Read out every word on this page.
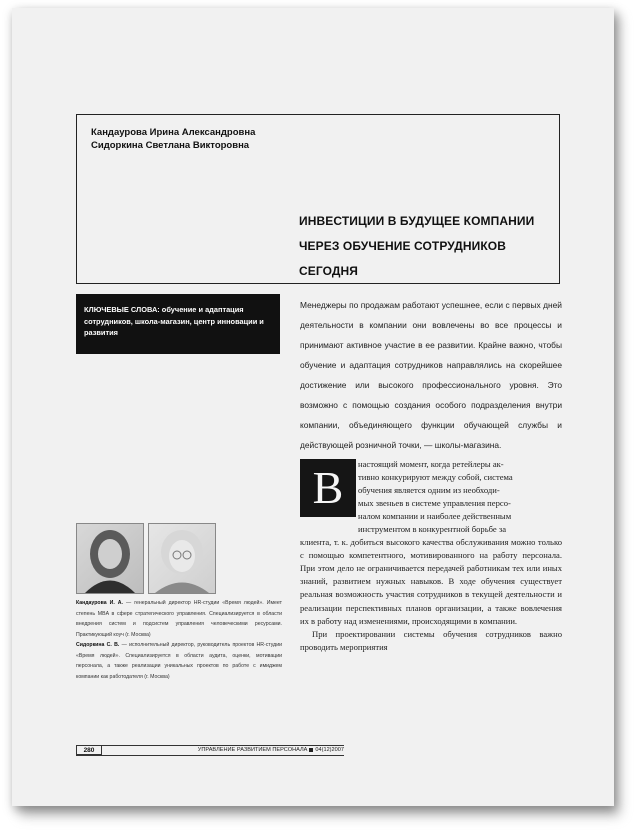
Кандаурова Ирина Александровна
Сидоркина Светлана Викторовна
ИНВЕСТИЦИИ В БУДУЩЕЕ КОМПАНИИ
ЧЕРЕЗ ОБУЧЕНИЕ СОТРУДНИКОВ
СЕГОДНЯ
КЛЮЧЕВЫЕ СЛОВА: обучение и адаптация сотрудников, школа-магазин, центр инновации и развития

Менеджеры по продажам работают успешнее, если с первых дней деятельности в компании они вовлечены во все процессы и принимают активное участие в ее развитии. Крайне важно, чтобы обучение и адаптация сотрудников направлялись на скорейшее достижение или высокого профессионального уровня. Это возможно с помощью создания особого подразделения внутри компании, объединяющего функции обучающей службы и действующей розничной точки, — школы-магазина.

В	настоящий момент, когда ретейлеры ак-
тивно конкурируют между собой, система
обучения является одним из необходи-
мых звеньев в системе управления персо-
налом компании и наиболее действенным

инструментом в конкурентной борьбе за

клиента, т. к. добиться высокого качества обслуживания можно только с помощью компетентного, мотивированного на работу персонала. При этом дело не ограничивается передачей работникам тех или иных знаний, развитием нужных навыков. В ходе обучения существует реальная возможность участия сотрудников в текущей деятельности и реализации перспективных планов организации, а также вовлечения их в работу над изменениями, происходящими в компании.

При проектировании системы обучения сотрудников важно проводить мероприятия

Кандаурова И. А. — генеральный директор HR-студии «Время людей». Имеет степень MBA в сфере стратегического управления. Специализируется в области внедрения систем и подсистем управления человеческими ресурсами. Практикующий коуч (г. Москва)

Сидоркина С. В. — исполнительный директор, руководитель проектов HR-студии «Время людей». Специализируется в области аудита, оценки, мотивации персонала, а также реализации уникальных проектов по работе с имиджем компании как работодателя (г. Москва)

280	УПРАВЛЕНИЕ РАЗВИТИЕМ ПЕРСОНАЛА 04(12)2007
